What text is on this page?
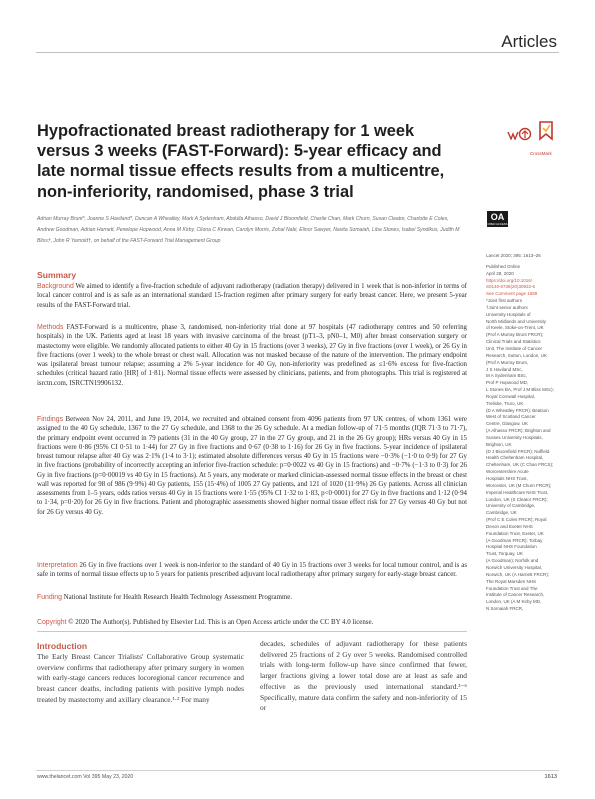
Articles
Hypofractionated breast radiotherapy for 1 week versus 3 weeks (FAST-Forward): 5-year efficacy and late normal tissue effects results from a multicentre, non-inferiority, randomised, phase 3 trial
CrossMark
OA
OPEN ACCESS

Adrian Murray Brunt*, Joanne S Haviland*, Duncan A Wheatley, Mark A Sydenham, Abdulla Alhasso, David J Bloomfield, Charlie Chan, Mark Churn, Susan Cleator, Charlotte E Coles, Andrew Goodman, Adrian Harnett, Penelope Hopwood, Anna M Kirby, Cliona C Kirwan, Carolyn Morris, Zohal Nabi, Elinor Sawyer, Navita Somaiah, Liba Stones, Isabel Syndikus, Judith M Bliss†, John R Yarnold†, on behalf of the FAST-Forward Trial Management Group

Summary

Background We aimed to identify a five-fraction schedule of adjuvant radiotherapy (radiation therapy) delivered in 1 week that is non-inferior in terms of local cancer control and is as safe as an international standard 15-fraction regimen after primary surgery for early breast cancer. Here, we present 5-year results of the FAST-Forward trial.

Methods FAST-Forward is a multicentre, phase 3, randomised, non-inferiority trial done at 97 hospitals (47 radiotherapy centres and 50 referring hospitals) in the UK. Patients aged at least 18 years with invasive carcinoma of the breast (pT1–3, pN0–1, M0) after breast conservation surgery or mastectomy were eligible. We randomly allocated patients to either 40 Gy in 15 fractions (over 3 weeks), 27 Gy in five fractions (over 1 week), or 26 Gy in five fractions (over 1 week) to the whole breast or chest wall. Allocation was not masked because of the nature of the intervention. The primary endpoint was ipsilateral breast tumour relapse; assuming a 2% 5-year incidence for 40 Gy, non-inferiority was predefined as ≤1·6% excess for five-fraction schedules (critical hazard ratio [HR] of 1·81). Normal tissue effects were assessed by clinicians, patients, and from photographs. This trial is registered at isrctn.com, ISRCTN19906132.

Findings Between Nov 24, 2011, and June 19, 2014, we recruited and obtained consent from 4096 patients from 97 UK centres, of whom 1361 were assigned to the 40 Gy schedule, 1367 to the 27 Gy schedule, and 1368 to the 26 Gy schedule. At a median follow-up of 71·5 months (IQR 71·3 to 71·7), the primary endpoint event occurred in 79 patients (31 in the 40 Gy group, 27 in the 27 Gy group, and 21 in the 26 Gy group); HRs versus 40 Gy in 15 fractions were 0·86 (95% CI 0·51 to 1·44) for 27 Gy in five fractions and 0·67 (0·38 to 1·16) for 26 Gy in five fractions. 5-year incidence of ipsilateral breast tumour relapse after 40 Gy was 2·1% (1·4 to 3·1); estimated absolute differences versus 40 Gy in 15 fractions were −0·3% (−1·0 to 0·9) for 27 Gy in five fractions (probability of incorrectly accepting an inferior five-fraction schedule: p=0·0022 vs 40 Gy in 15 fractions) and −0·7% (−1·3 to 0·3) for 26 Gy in five fractions (p=0·00019 vs 40 Gy in 15 fractions). At 5 years, any moderate or marked clinician-assessed normal tissue effects in the breast or chest wall was reported for 98 of 986 (9·9%) 40 Gy patients, 155 (15·4%) of 1005 27 Gy patients, and 121 of 1020 (11·9%) 26 Gy patients. Across all clinician assessments from 1–5 years, odds ratios versus 40 Gy in 15 fractions were 1·55 (95% CI 1·32 to 1·83, p<0·0001) for 27 Gy in five fractions and 1·12 (0·94 to 1·34, p=0·20) for 26 Gy in five fractions. Patient and photographic assessments showed higher normal tissue effect risk for 27 Gy versus 40 Gy but not for 26 Gy versus 40 Gy.

Interpretation 26 Gy in five fractions over 1 week is non-inferior to the standard of 40 Gy in 15 fractions over 3 weeks for local tumour control, and is as safe in terms of normal tissue effects up to 5 years for patients prescribed adjuvant local radiotherapy after primary surgery for early-stage breast cancer.

Funding National Institute for Health Research Health Technology Assessment Programme.

Copyright © 2020 The Author(s). Published by Elsevier Ltd. This is an Open Access article under the CC BY 4.0 license.

Introduction

The Early Breast Cancer Trialists' Collaborative Group systematic overview confirms that radiotherapy after primary surgery in women with early-stage cancers reduces locoregional cancer recurrence and breast cancer deaths, including patients with positive lymph nodes treated by mastectomy and axillary clearance.¹·² For many

decades, schedules of adjuvant radiotherapy for these patients delivered 25 fractions of 2 Gy over 5 weeks. Randomised controlled trials with long-term follow-up have since confirmed that fewer, larger fractions giving a lower total dose are at least as safe and effective as the previously used international standard.³⁻⁶ Specifically, mature data confirm the safety and non-inferiority of 15 or

Lancet 2020; 395: 1613–26
Published Online
April 28, 2020
https://doi.org/10.1016/
S0140-6736(20)30932-6
See Comment page 1588
*Joint first authors
†Joint senior authors
University Hospitals of
North Midlands and University
of Keele, Stoke-on-Trent, UK
(Prof A Murray Brunt FRCR);
Clinical Trials and Statistics
Unit, The Institute of Cancer
Research, Sutton, London, UK
(Prof A Murray Brunt,
J S Haviland MSc,
M A Sydenham BSc,
Prof P Hopwood MD,
L Stones BA, Prof J M Bliss MSc);
Royal Cornwall Hospital,
Treliske, Truro, UK
(D A Wheatley FRCR); Beatson
West of Scotland Cancer
Centre, Glasgow, UK
(A Alhasso FRCR); Brighton and
Sussex University Hospitals,
Brighton, UK
(D J Bloomfield FRCR); Nuffield
Health Cheltenham Hospital,
Cheltenham, UK (C Chan FRCS);
Worcestershire Acute
Hospitals NHS Trust,
Worcester, UK (M Churn FRCR);
Imperial Healthcare NHS Trust,
London, UK (S Cleator FRCR);
University of Cambridge,
Cambridge, UK
(Prof C E Coles FRCR); Royal
Devon and Exeter NHS
Foundation Trust, Exeter, UK
(A Goodman FRCR); Torbay
Hospital NHS Foundation
Trust, Torquay, UK
(A Goodman); Norfolk and
Norwich University Hospital,
Norwich, UK (A Harnett FRCR);
The Royal Marsden NHS
Foundation Trust and The
Institute of Cancer Research,
London, UK (A M Kirby MD,
N Somaiah FRCR,
www.thelancet.com Vol 395 May 23, 2020	1613
